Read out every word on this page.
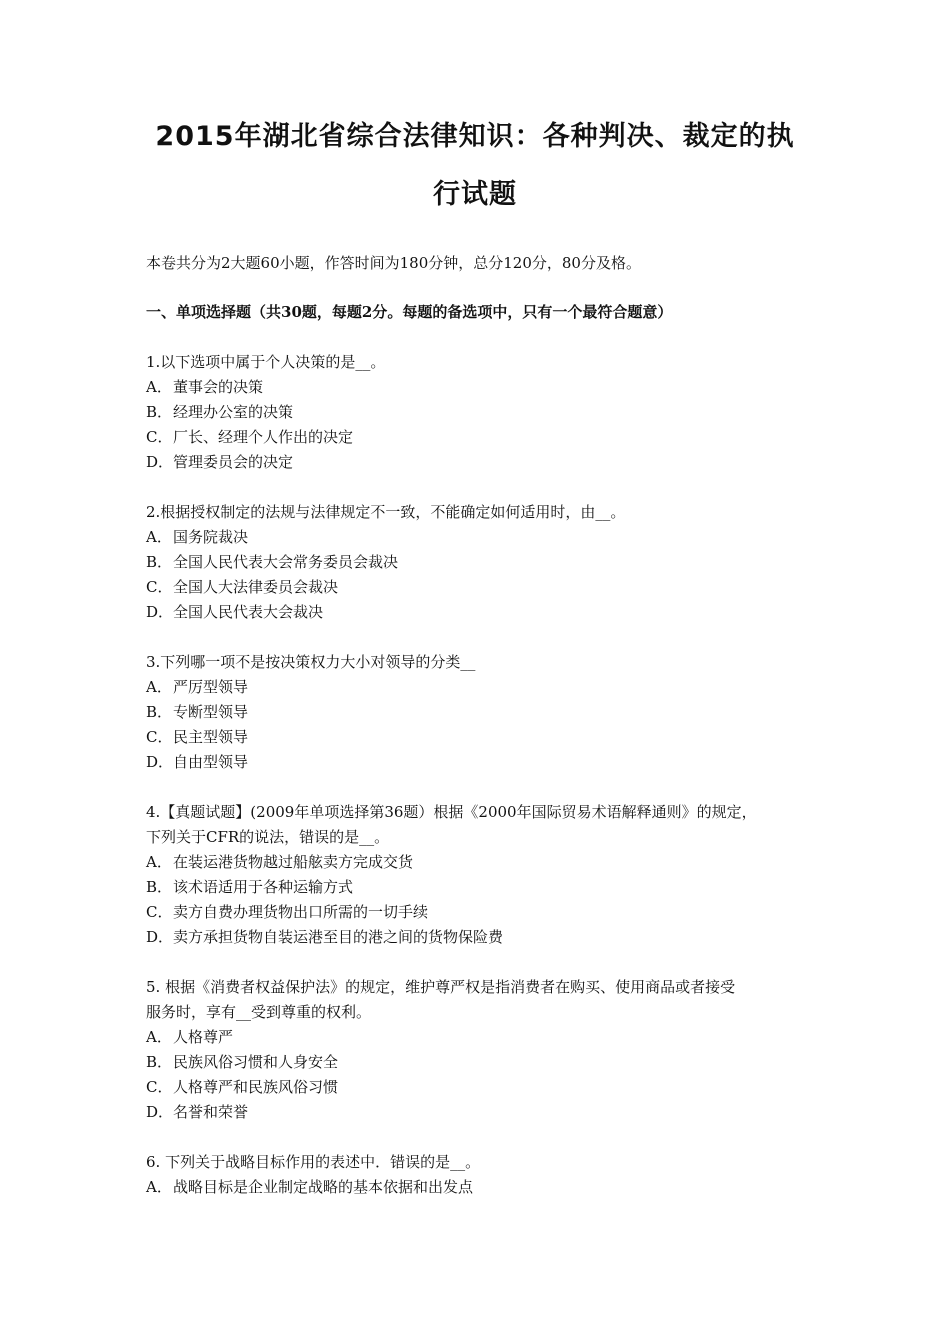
2015年湖北省综合法律知识：各种判决、裁定的执
行试题
本卷共分为2大题60小题，作答时间为180分钟，总分120分，80分及格。
一、单项选择题（共30题，每题2分。每题的备选项中，只有一个最符合题意）
1.以下选项中属于个人决策的是__。
A． 董事会的决策
B． 经理办公室的决策
C． 厂长、经理个人作出的决定
D． 管理委员会的决定
2.根据授权制定的法规与法律规定不一致，不能确定如何适用时，由__。
A． 国务院裁决
B． 全国人民代表大会常务委员会裁决
C． 全国人大法律委员会裁决
D． 全国人民代表大会裁决
3.下列哪一项不是按决策权力大小对领导的分类__
A． 严厉型领导
B． 专断型领导
C． 民主型领导
D． 自由型领导
4.【真题试题】(2009年单项选择第36题）根据《2000年国际贸易术语解释通则》的规定，
下列关于CFR的说法，错误的是__。
A． 在装运港货物越过船舷卖方完成交货
B． 该术语适用于各种运输方式
C． 卖方自费办理货物出口所需的一切手续
D． 卖方承担货物自装运港至目的港之间的货物保险费
5. 根据《消费者权益保护法》的规定，维护尊严权是指消费者在购买、使用商品或者接受
服务时，享有__受到尊重的权利。
A． 人格尊严
B． 民族风俗习惯和人身安全
C． 人格尊严和民族风俗习惯
D． 名誉和荣誉
6. 下列关于战略目标作用的表述中．错误的是__。
A． 战略目标是企业制定战略的基本依据和出发点
